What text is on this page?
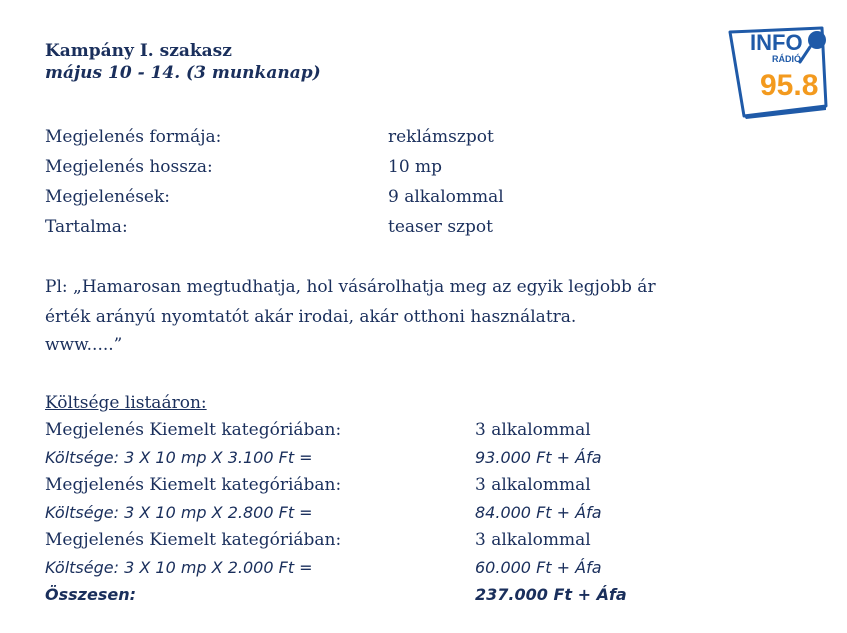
Kampány I. szakasz
május 10 - 14. (3 munkanap)
INFO
RÁDIÓ
95.8
Megjelenés formája:	reklámszpot
Megjelenés hossza:	10 mp
Megjelenések:	9 alkalommal
Tartalma:	teaser szpot
Pl: „Hamarosan megtudhatja, hol vásárolhatja meg az egyik legjobb ár
érték arányú nyomtatót akár irodai, akár otthoni használatra.
www.....”
Költsége listaáron:
Megjelenés Kiemelt kategóriában:	3 alkalommal
Költsége: 3 X 10 mp X 3.100 Ft =	93.000 Ft + Áfa
Megjelenés Kiemelt kategóriában:	3 alkalommal
Költsége: 3 X 10 mp X 2.800 Ft =	84.000 Ft + Áfa
Megjelenés Kiemelt kategóriában:	3 alkalommal
Költsége: 3 X 10 mp X 2.000 Ft =	60.000 Ft + Áfa
Összesen:	237.000 Ft + Áfa
